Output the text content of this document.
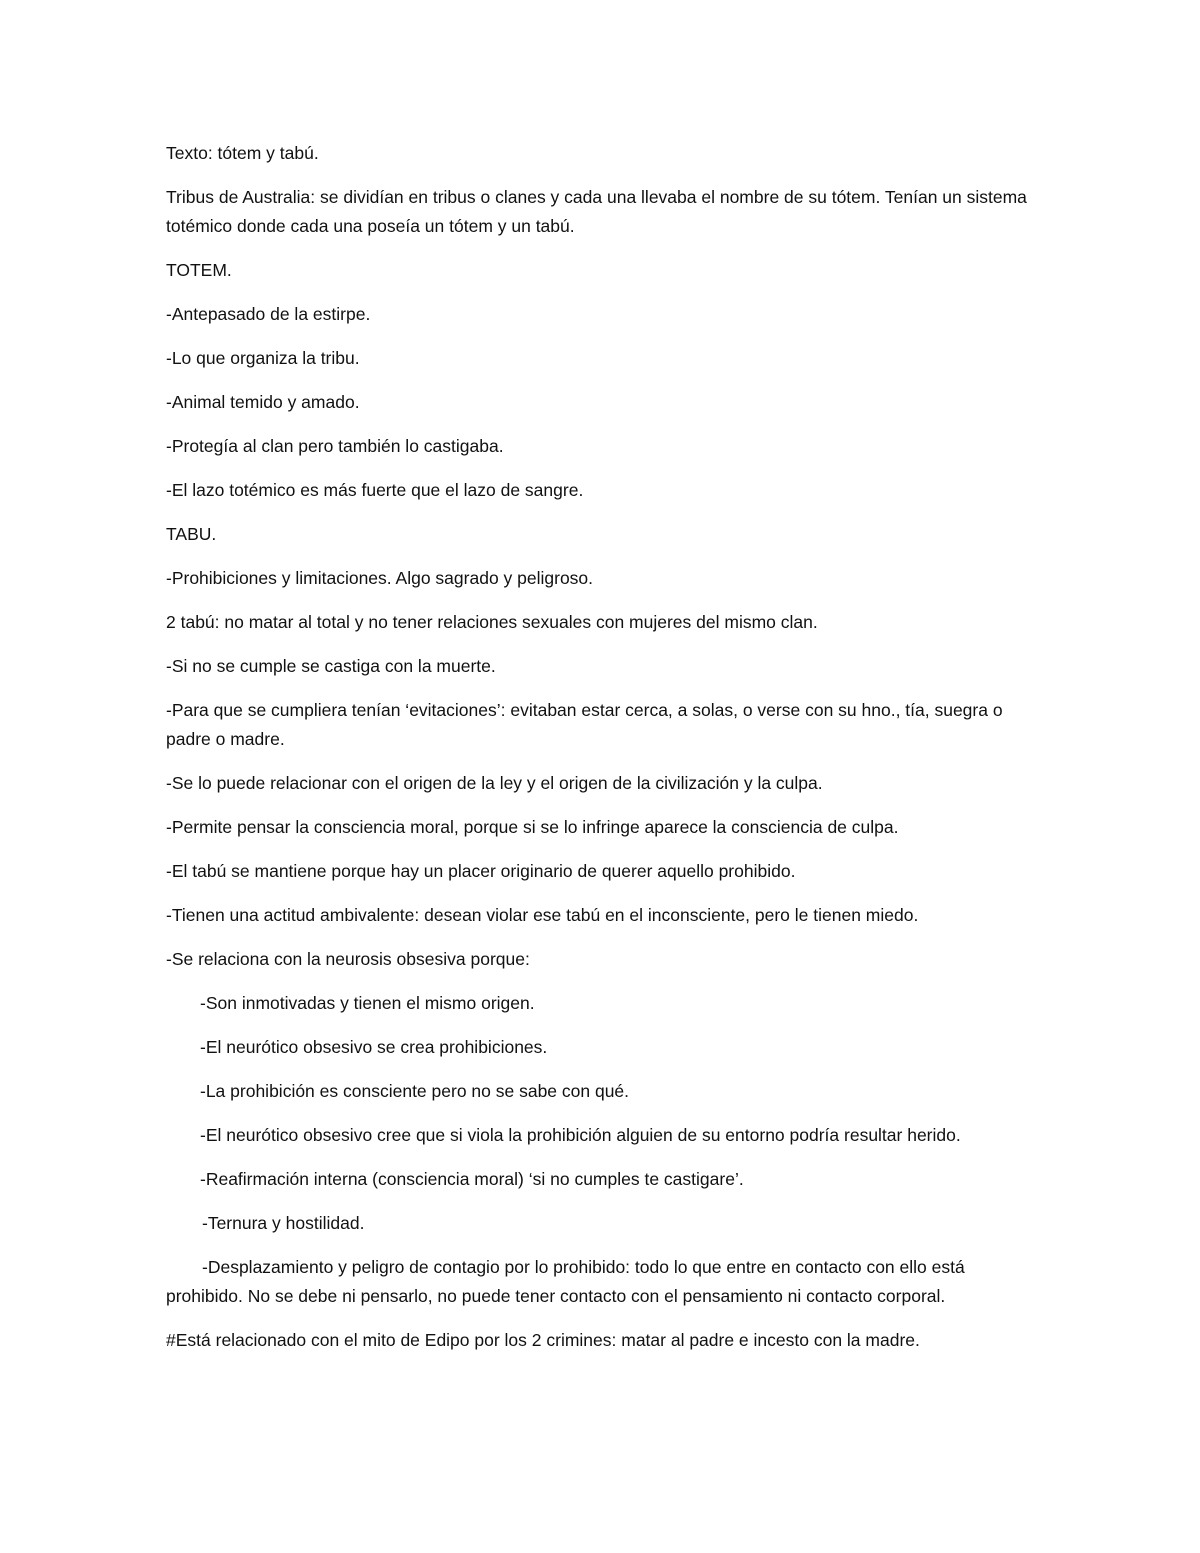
Texto: tótem y tabú.

Tribus de Australia: se dividían en tribus o clanes y cada una llevaba el nombre de su tótem. Tenían un sistema totémico donde cada una poseía un tótem y un tabú.

TOTEM.

-Antepasado de la estirpe.

-Lo que organiza la tribu.

-Animal temido y amado.

-Protegía al clan pero también lo castigaba.

-El lazo totémico es más fuerte que el lazo de sangre.

TABU.

-Prohibiciones y limitaciones. Algo sagrado y peligroso.

2 tabú: no matar al total y no tener relaciones sexuales con mujeres del mismo clan.

-Si no se cumple se castiga con la muerte.

-Para que se cumpliera tenían ‘evitaciones’: evitaban estar cerca, a solas, o verse con su hno., tía, suegra o padre o madre.

-Se lo puede relacionar con el origen de la ley y el origen de la civilización y la culpa.

-Permite pensar la consciencia moral, porque si se lo infringe aparece la consciencia de culpa.

-El tabú se mantiene porque hay un placer originario de querer aquello prohibido.

-Tienen una actitud ambivalente: desean violar ese tabú en el inconsciente, pero le tienen miedo.

-Se relaciona con la neurosis obsesiva porque:

-Son inmotivadas y tienen el mismo origen.

-El neurótico obsesivo se crea prohibiciones.

-La prohibición es consciente pero no se sabe con qué.

-El neurótico obsesivo cree que si viola la prohibición alguien de su entorno podría resultar herido.

-Reafirmación interna (consciencia moral) ‘si no cumples te castigare’.

-Ternura y hostilidad.

-Desplazamiento y peligro de contagio por lo prohibido: todo lo que entre en contacto con ello está prohibido. No se debe ni pensarlo, no puede tener contacto con el pensamiento ni contacto corporal.

#Está relacionado con el mito de Edipo por los 2 crimines: matar al padre e incesto con la madre.
